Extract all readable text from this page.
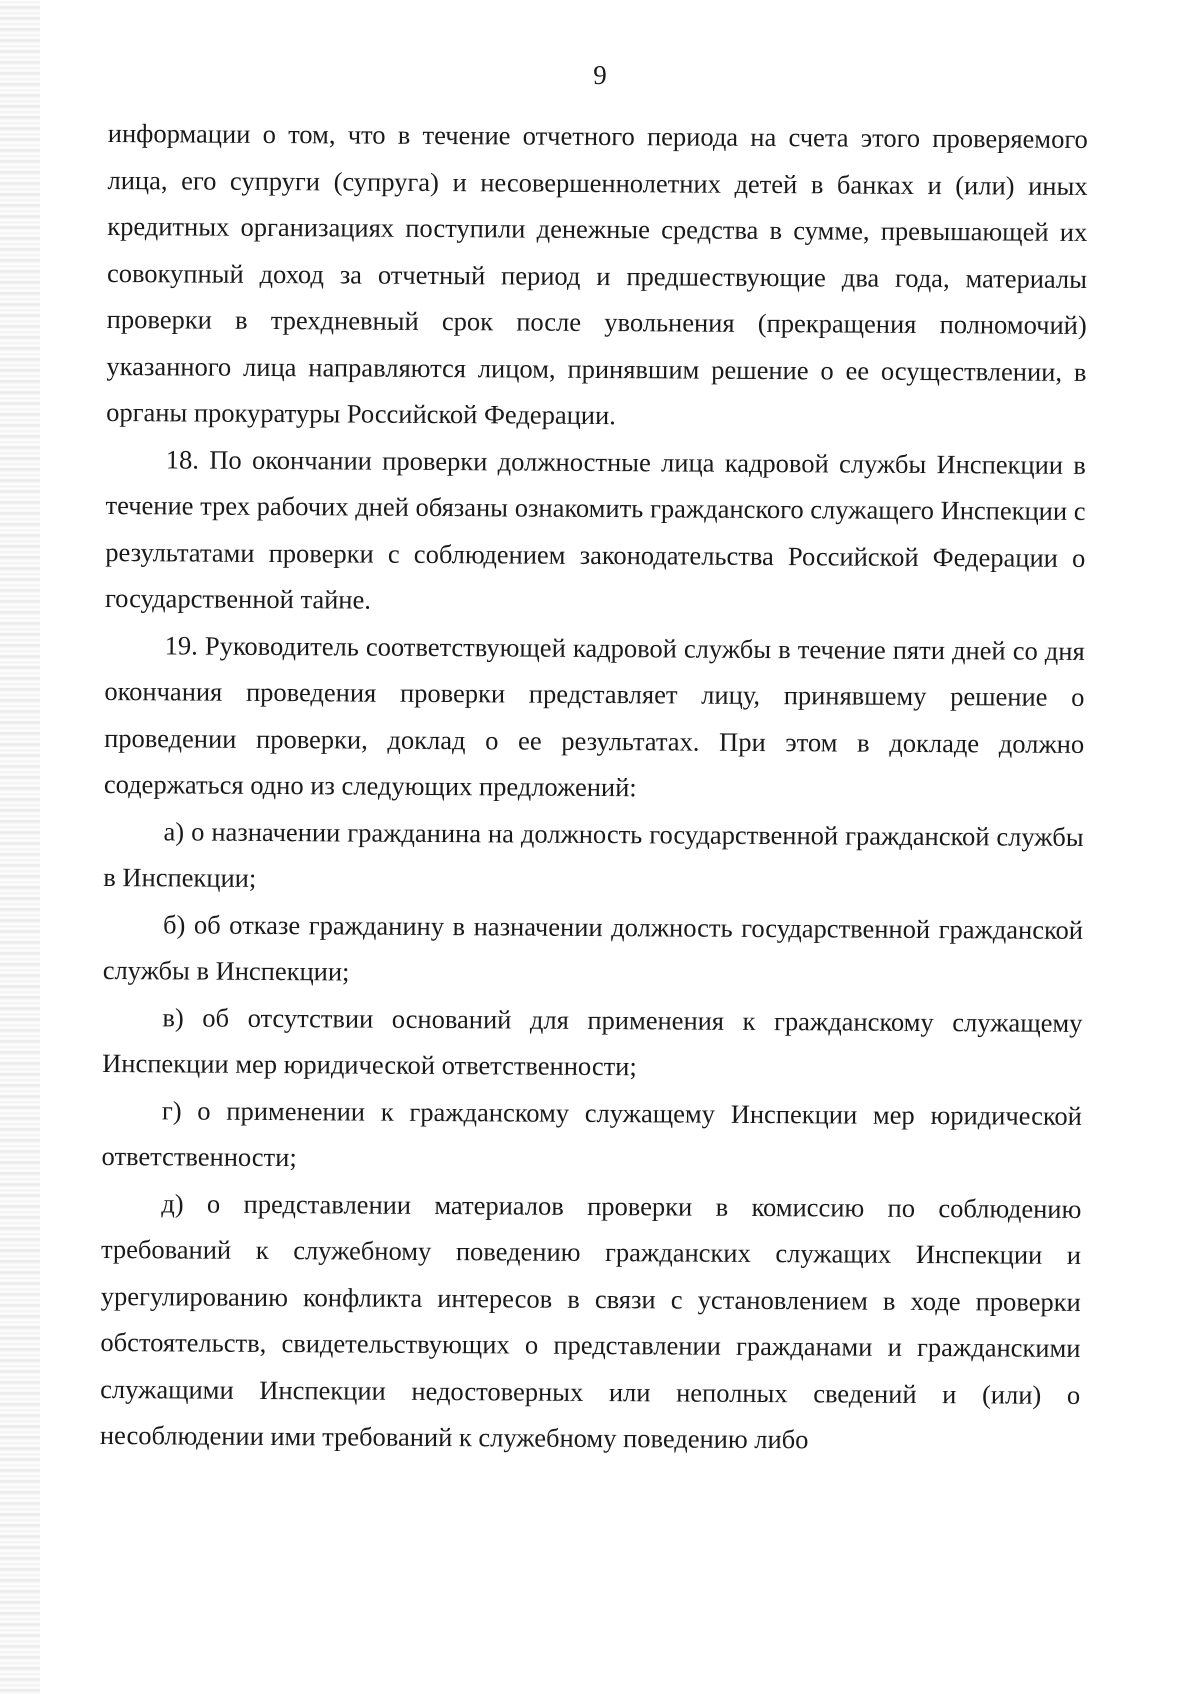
9

информации о том, что в течение отчетного периода на счета этого проверяемого лица, его супруги (супруга) и несовершеннолетних детей в банках и (или) иных кредитных организациях поступили денежные средства в сумме, превышающей их совокупный доход за отчетный период и предшествующие два года, материалы проверки в трехдневный срок после увольнения (прекращения полномочий) указанного лица направляются лицом, принявшим решение о ее осуществлении, в органы прокуратуры Российской Федерации.

18. По окончании проверки должностные лица кадровой службы Инспекции в течение трех рабочих дней обязаны ознакомить гражданского служащего Инспекции с результатами проверки с соблюдением законодательства Российской Федерации о государственной тайне.

19. Руководитель соответствующей кадровой службы в течение пяти дней со дня окончания проведения проверки представляет лицу, принявшему решение о проведении проверки, доклад о ее результатах. При этом в докладе должно содержаться одно из следующих предложений:

а) о назначении гражданина на должность государственной гражданской службы в Инспекции;

б) об отказе гражданину в назначении должность государственной гражданской службы в Инспекции;

в) об отсутствии оснований для применения к гражданскому служащему Инспекции мер юридической ответственности;

г) о применении к гражданскому служащему Инспекции мер юридической ответственности;

д) о представлении материалов проверки в комиссию по соблюдению требований к служебному поведению гражданских служащих Инспекции и урегулированию конфликта интересов в связи с установлением в ходе проверки обстоятельств, свидетельствующих о представлении гражданами и гражданскими служащими Инспекции недостоверных или неполных сведений и (или) о несоблюдении ими требований к служебному поведению либо
